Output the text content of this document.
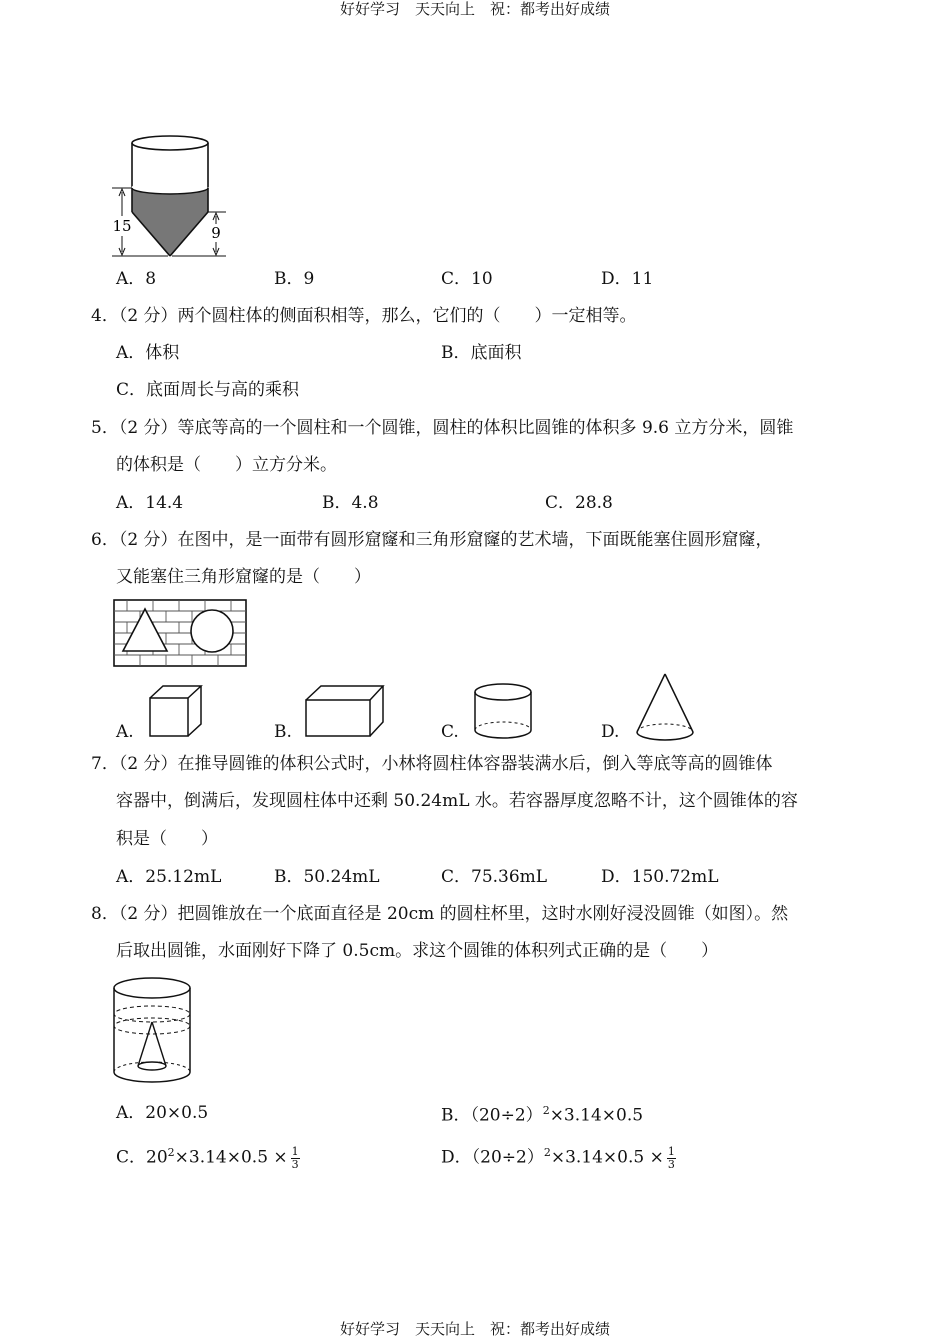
好好学习　天天向上　祝：都考出好成绩
15	9
A．8	B．9	C．10	D．11
4．（2 分）两个圆柱体的侧面积相等，那么，它们的（　　）一定相等。
A．体积	B．底面积
C．底面周长与高的乘积
5．（2 分）等底等高的一个圆柱和一个圆锥，圆柱的体积比圆锥的体积多 9.6 立方分米，圆锥
的体积是（　　）立方分米。
A．14.4	B．4.8	C．28.8
6．（2 分）在图中，是一面带有圆形窟窿和三角形窟窿的艺术墙，下面既能塞住圆形窟窿，
又能塞住三角形窟窿的是（　　）
A.	B.	C.	D.
7．（2 分）在推导圆锥的体积公式时，小林将圆柱体容器装满水后，倒入等底等高的圆锥体
容器中，倒满后，发现圆柱体中还剩 50.24mL 水。若容器厚度忽略不计，这个圆锥体的容
积是（　　）
A．25.12mL	B．50.24mL	C．75.36mL	D．150.72mL
8．（2 分）把圆锥放在一个底面直径是 20cm 的圆柱杯里，这时水刚好浸没圆锥（如图）。然
后取出圆锥，水面刚好下降了 0.5cm。求这个圆锥的体积列式正确的是（　　）
A．20×0.5	B．$(20\div 2)^2\times 3.14\times 0.5$
C．$20^2\times 3.14\times 0.5 \times \frac{1}{3}$	D．$(20\div 2)^2\times 3.14\times 0.5 \times \frac{1}{3}$
好好学习　天天向上　祝：都考出好成绩
